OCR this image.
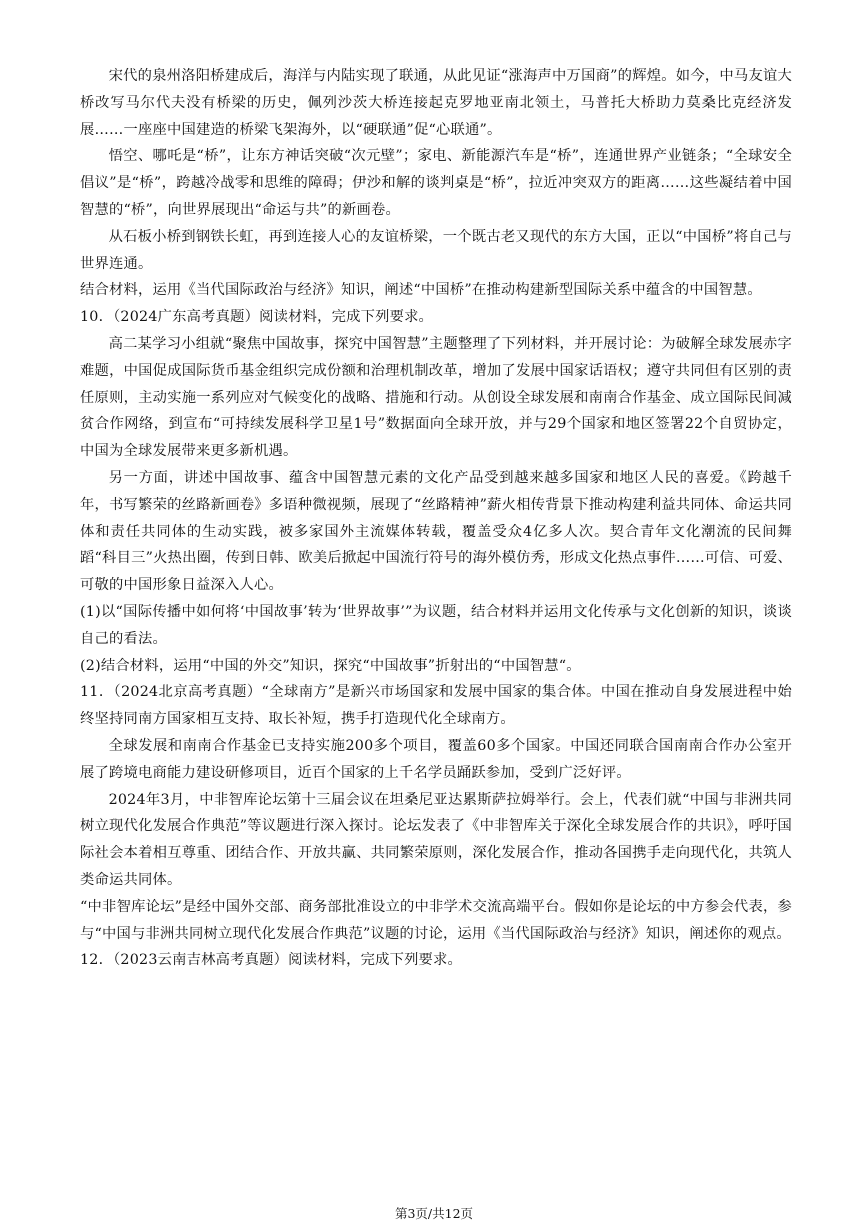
宋代的泉州洛阳桥建成后，海洋与内陆实现了联通，从此见证“涨海声中万国商”的辉煌。如今，中马友谊大桥改写马尔代夫没有桥梁的历史，佩列沙茨大桥连接起克罗地亚南北领土，马普托大桥助力莫桑比克经济发展……一座座中国建造的桥梁飞架海外，以“硬联通”促“心联通”。

悟空、哪吒是“桥”，让东方神话突破“次元壁”；家电、新能源汽车是“桥”，连通世界产业链条；“全球安全倡议”是“桥”，跨越冷战零和思维的障碍；伊沙和解的谈判桌是“桥”，拉近冲突双方的距离……这些凝结着中国智慧的“桥”，向世界展现出“命运与共”的新画卷。

从石板小桥到钢铁长虹，再到连接人心的友谊桥梁，一个既古老又现代的东方大国，正以“中国桥”将自己与世界连通。

结合材料，运用《当代国际政治与经济》知识，阐述“中国桥”在推动构建新型国际关系中蕴含的中国智慧。

10．（2024广东高考真题）阅读材料，完成下列要求。

高二某学习小组就“聚焦中国故事，探究中国智慧”主题整理了下列材料，并开展讨论：为破解全球发展赤字难题，中国促成国际货币基金组织完成份额和治理机制改革，增加了发展中国家话语权；遵守共同但有区别的责任原则，主动实施一系列应对气候变化的战略、措施和行动。从创设全球发展和南南合作基金、成立国际民间减贫合作网络，到宣布“可持续发展科学卫星1号”数据面向全球开放，并与29个国家和地区签署22个自贸协定，中国为全球发展带来更多新机遇。

另一方面，讲述中国故事、蕴含中国智慧元素的文化产品受到越来越多国家和地区人民的喜爱。《跨越千年，书写繁荣的丝路新画卷》多语种微视频，展现了“丝路精神”薪火相传背景下推动构建利益共同体、命运共同体和责任共同体的生动实践，被多家国外主流媒体转载，覆盖受众4亿多人次。契合青年文化潮流的民间舞蹈“科目三”火热出圈，传到日韩、欧美后掀起中国流行符号的海外模仿秀，形成文化热点事件……可信、可爱、可敬的中国形象日益深入人心。

(1)以“国际传播中如何将‘中国故事’转为‘世界故事’”为议题，结合材料并运用文化传承与文化创新的知识，谈谈自己的看法。

(2)结合材料，运用“中国的外交”知识，探究“中国故事”折射出的“中国智慧“。

11．（2024北京高考真题）“全球南方”是新兴市场国家和发展中国家的集合体。中国在推动自身发展进程中始终坚持同南方国家相互支持、取长补短，携手打造现代化全球南方。

全球发展和南南合作基金已支持实施200多个项目，覆盖60多个国家。中国还同联合国南南合作办公室开展了跨境电商能力建设研修项目，近百个国家的上千名学员踊跃参加，受到广泛好评。

2024年3月，中非智库论坛第十三届会议在坦桑尼亚达累斯萨拉姆举行。会上，代表们就“中国与非洲共同树立现代化发展合作典范”等议题进行深入探讨。论坛发表了《中非智库关于深化全球发展合作的共识》，呼吁国际社会本着相互尊重、团结合作、开放共赢、共同繁荣原则，深化发展合作，推动各国携手走向现代化，共筑人类命运共同体。

“中非智库论坛”是经中国外交部、商务部批准设立的中非学术交流高端平台。假如你是论坛的中方参会代表，参与“中国与非洲共同树立现代化发展合作典范”议题的讨论，运用《当代国际政治与经济》知识，阐述你的观点。

12．（2023云南吉林高考真题）阅读材料，完成下列要求。

第3页/共12页
